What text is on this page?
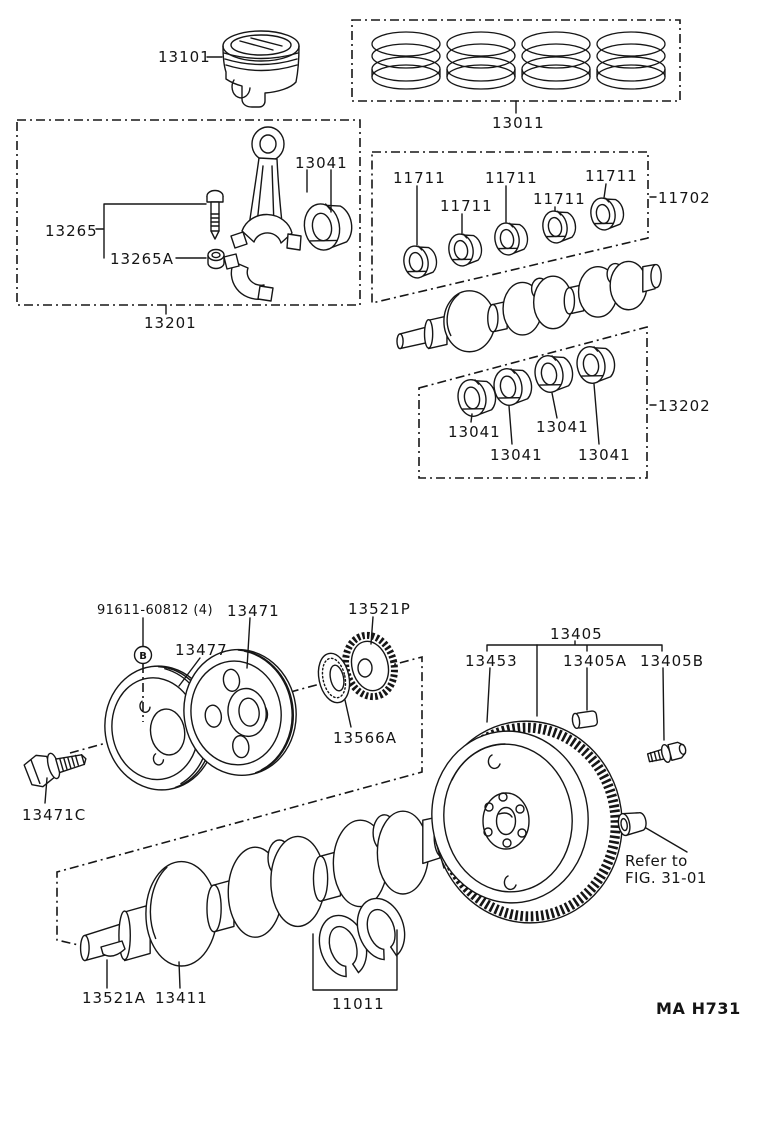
13101
13011
13201
13041
13265
13265A
11711
11711
11711
11711
11711
11702
13202
13041 13041
13041 13041
91611-60812 (4)
B 13477
13471	13521P
13566A
13471C
13405
13453	13405A 13405B
Refer to
FIG. 31-01
13521A 13411	11011	MA H731
